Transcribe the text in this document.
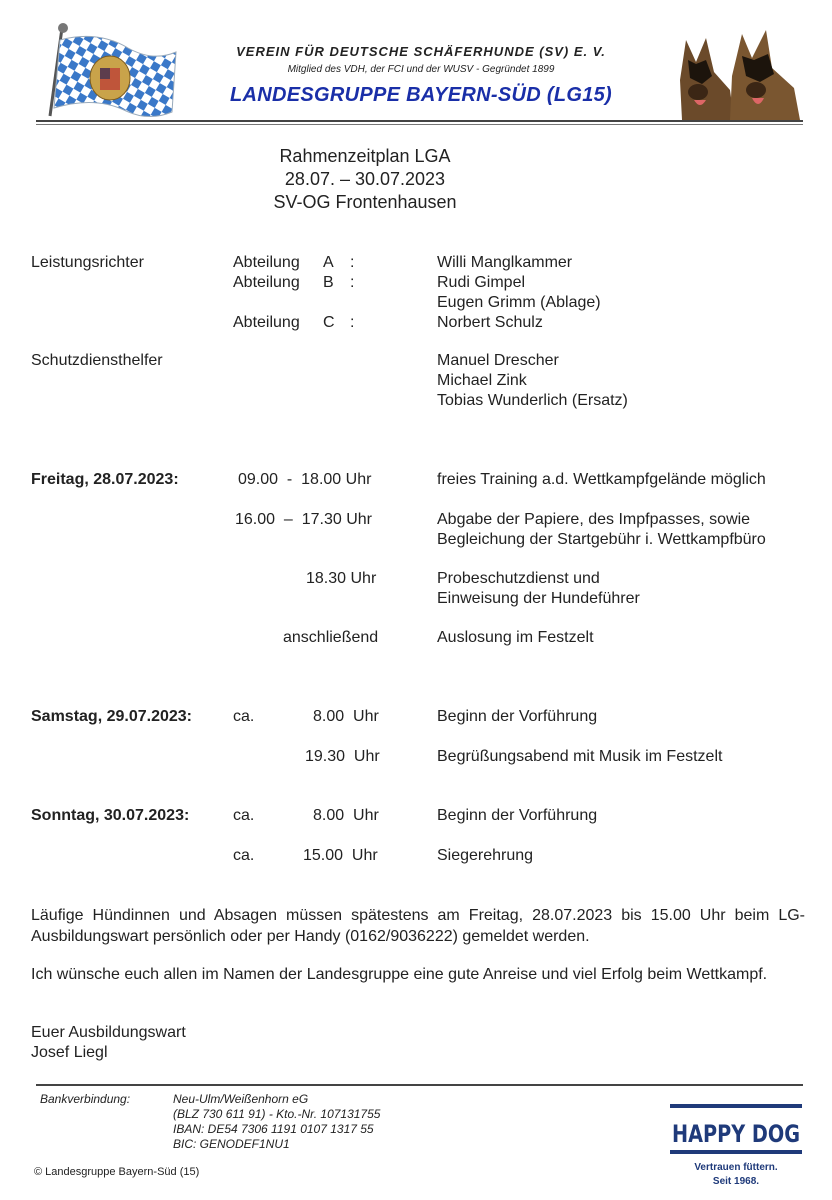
VEREIN FÜR DEUTSCHE SCHÄFERHUNDE (SV) E. V.
Mitglied des VDH, der FCI und der WUSV - Gegründet 1899
LANDESGRUPPE BAYERN-SÜD (LG15)
Rahmenzeitplan LGA
28.07. – 30.07.2023
SV-OG Frontenhausen
Leistungsrichter	Abteilung A :	Willi Manglkammer
Abteilung B :	Rudi Gimpel
Eugen Grimm (Ablage)
Abteilung C :	Norbert Schulz
Schutzdiensthelfer	Manuel Drescher
Michael Zink
Tobias Wunderlich (Ersatz)
Freitag, 28.07.2023:	09.00  -  18.00 Uhr	freies Training a.d. Wettkampfgelände möglich
16.00  –  17.30 Uhr	Abgabe der Papiere, des Impfpasses, sowie
Begleichung der Startgebühr i. Wettkampfbüro
18.30 Uhr	Probeschutzdienst und
Einweisung der Hundeführer
anschließend	Auslosung im Festzelt
Samstag, 29.07.2023:	ca.	8.00  Uhr	Beginn der Vorführung
19.30  Uhr	Begrüßungsabend mit Musik im Festzelt
Sonntag, 30.07.2023:	ca.	8.00  Uhr	Beginn der Vorführung
ca.	15.00  Uhr	Siegerehrung
Läufige Hündinnen und Absagen müssen spätestens am Freitag, 28.07.2023 bis 15.00 Uhr beim LG-Ausbildungswart persönlich oder per Handy (0162/9036222) gemeldet werden.
Ich wünsche euch allen im Namen der Landesgruppe eine gute Anreise und viel Erfolg beim Wettkampf.
Euer Ausbildungswart
Josef Liegl
Bankverbindung:	Neu-Ulm/Weißenhorn eG
(BLZ 730 611 91) - Kto.-Nr. 107131755
IBAN: DE54 7306 1191 0107 1317 55
BIC: GENODEF1NU1
© Landesgruppe Bayern-Süd (15)
HAPPY DOG
Vertrauen füttern.
Seit 1968.
